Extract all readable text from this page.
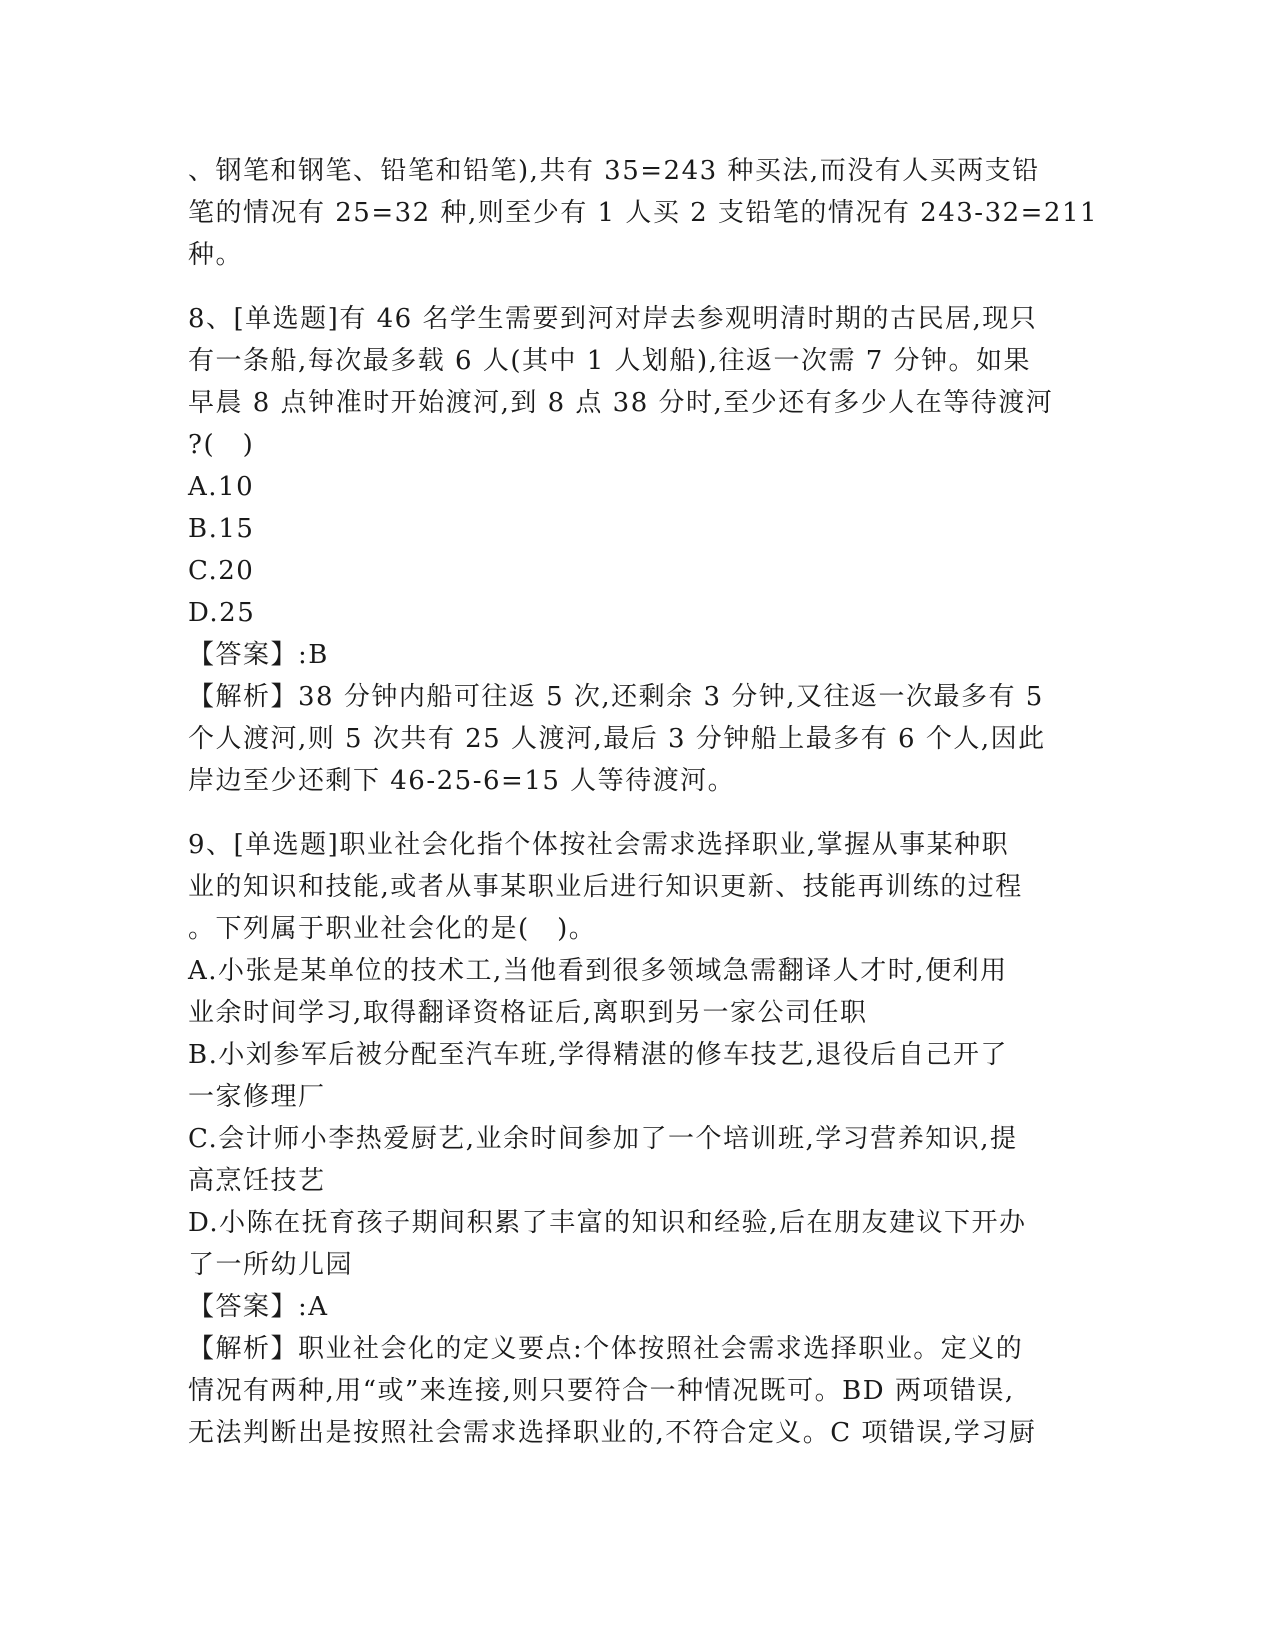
、钢笔和钢笔、铅笔和铅笔),共有 35=243 种买法,而没有人买两支铅
笔的情况有 25=32 种,则至少有 1 人买 2 支铅笔的情况有 243-32=211
种。
8、[单选题]有 46 名学生需要到河对岸去参观明清时期的古民居,现只
有一条船,每次最多载 6 人(其中 1 人划船),往返一次需 7 分钟。如果
早晨 8 点钟准时开始渡河,到 8 点 38 分时,至少还有多少人在等待渡河
?(　)
A.10
B.15
C.20
D.25
【答案】:B
【解析】38 分钟内船可往返 5 次,还剩余 3 分钟,又往返一次最多有 5
个人渡河,则 5 次共有 25 人渡河,最后 3 分钟船上最多有 6 个人,因此
岸边至少还剩下 46-25-6=15 人等待渡河。
9、[单选题]职业社会化指个体按社会需求选择职业,掌握从事某种职
业的知识和技能,或者从事某职业后进行知识更新、技能再训练的过程
。下列属于职业社会化的是(　)。
A.小张是某单位的技术工,当他看到很多领域急需翻译人才时,便利用
业余时间学习,取得翻译资格证后,离职到另一家公司任职
B.小刘参军后被分配至汽车班,学得精湛的修车技艺,退役后自己开了
一家修理厂
C.会计师小李热爱厨艺,业余时间参加了一个培训班,学习营养知识,提
高烹饪技艺
D.小陈在抚育孩子期间积累了丰富的知识和经验,后在朋友建议下开办
了一所幼儿园
【答案】:A
【解析】职业社会化的定义要点:个体按照社会需求选择职业。定义的
情况有两种,用“或”来连接,则只要符合一种情况既可。BD 两项错误,
无法判断出是按照社会需求选择职业的,不符合定义。C 项错误,学习厨
